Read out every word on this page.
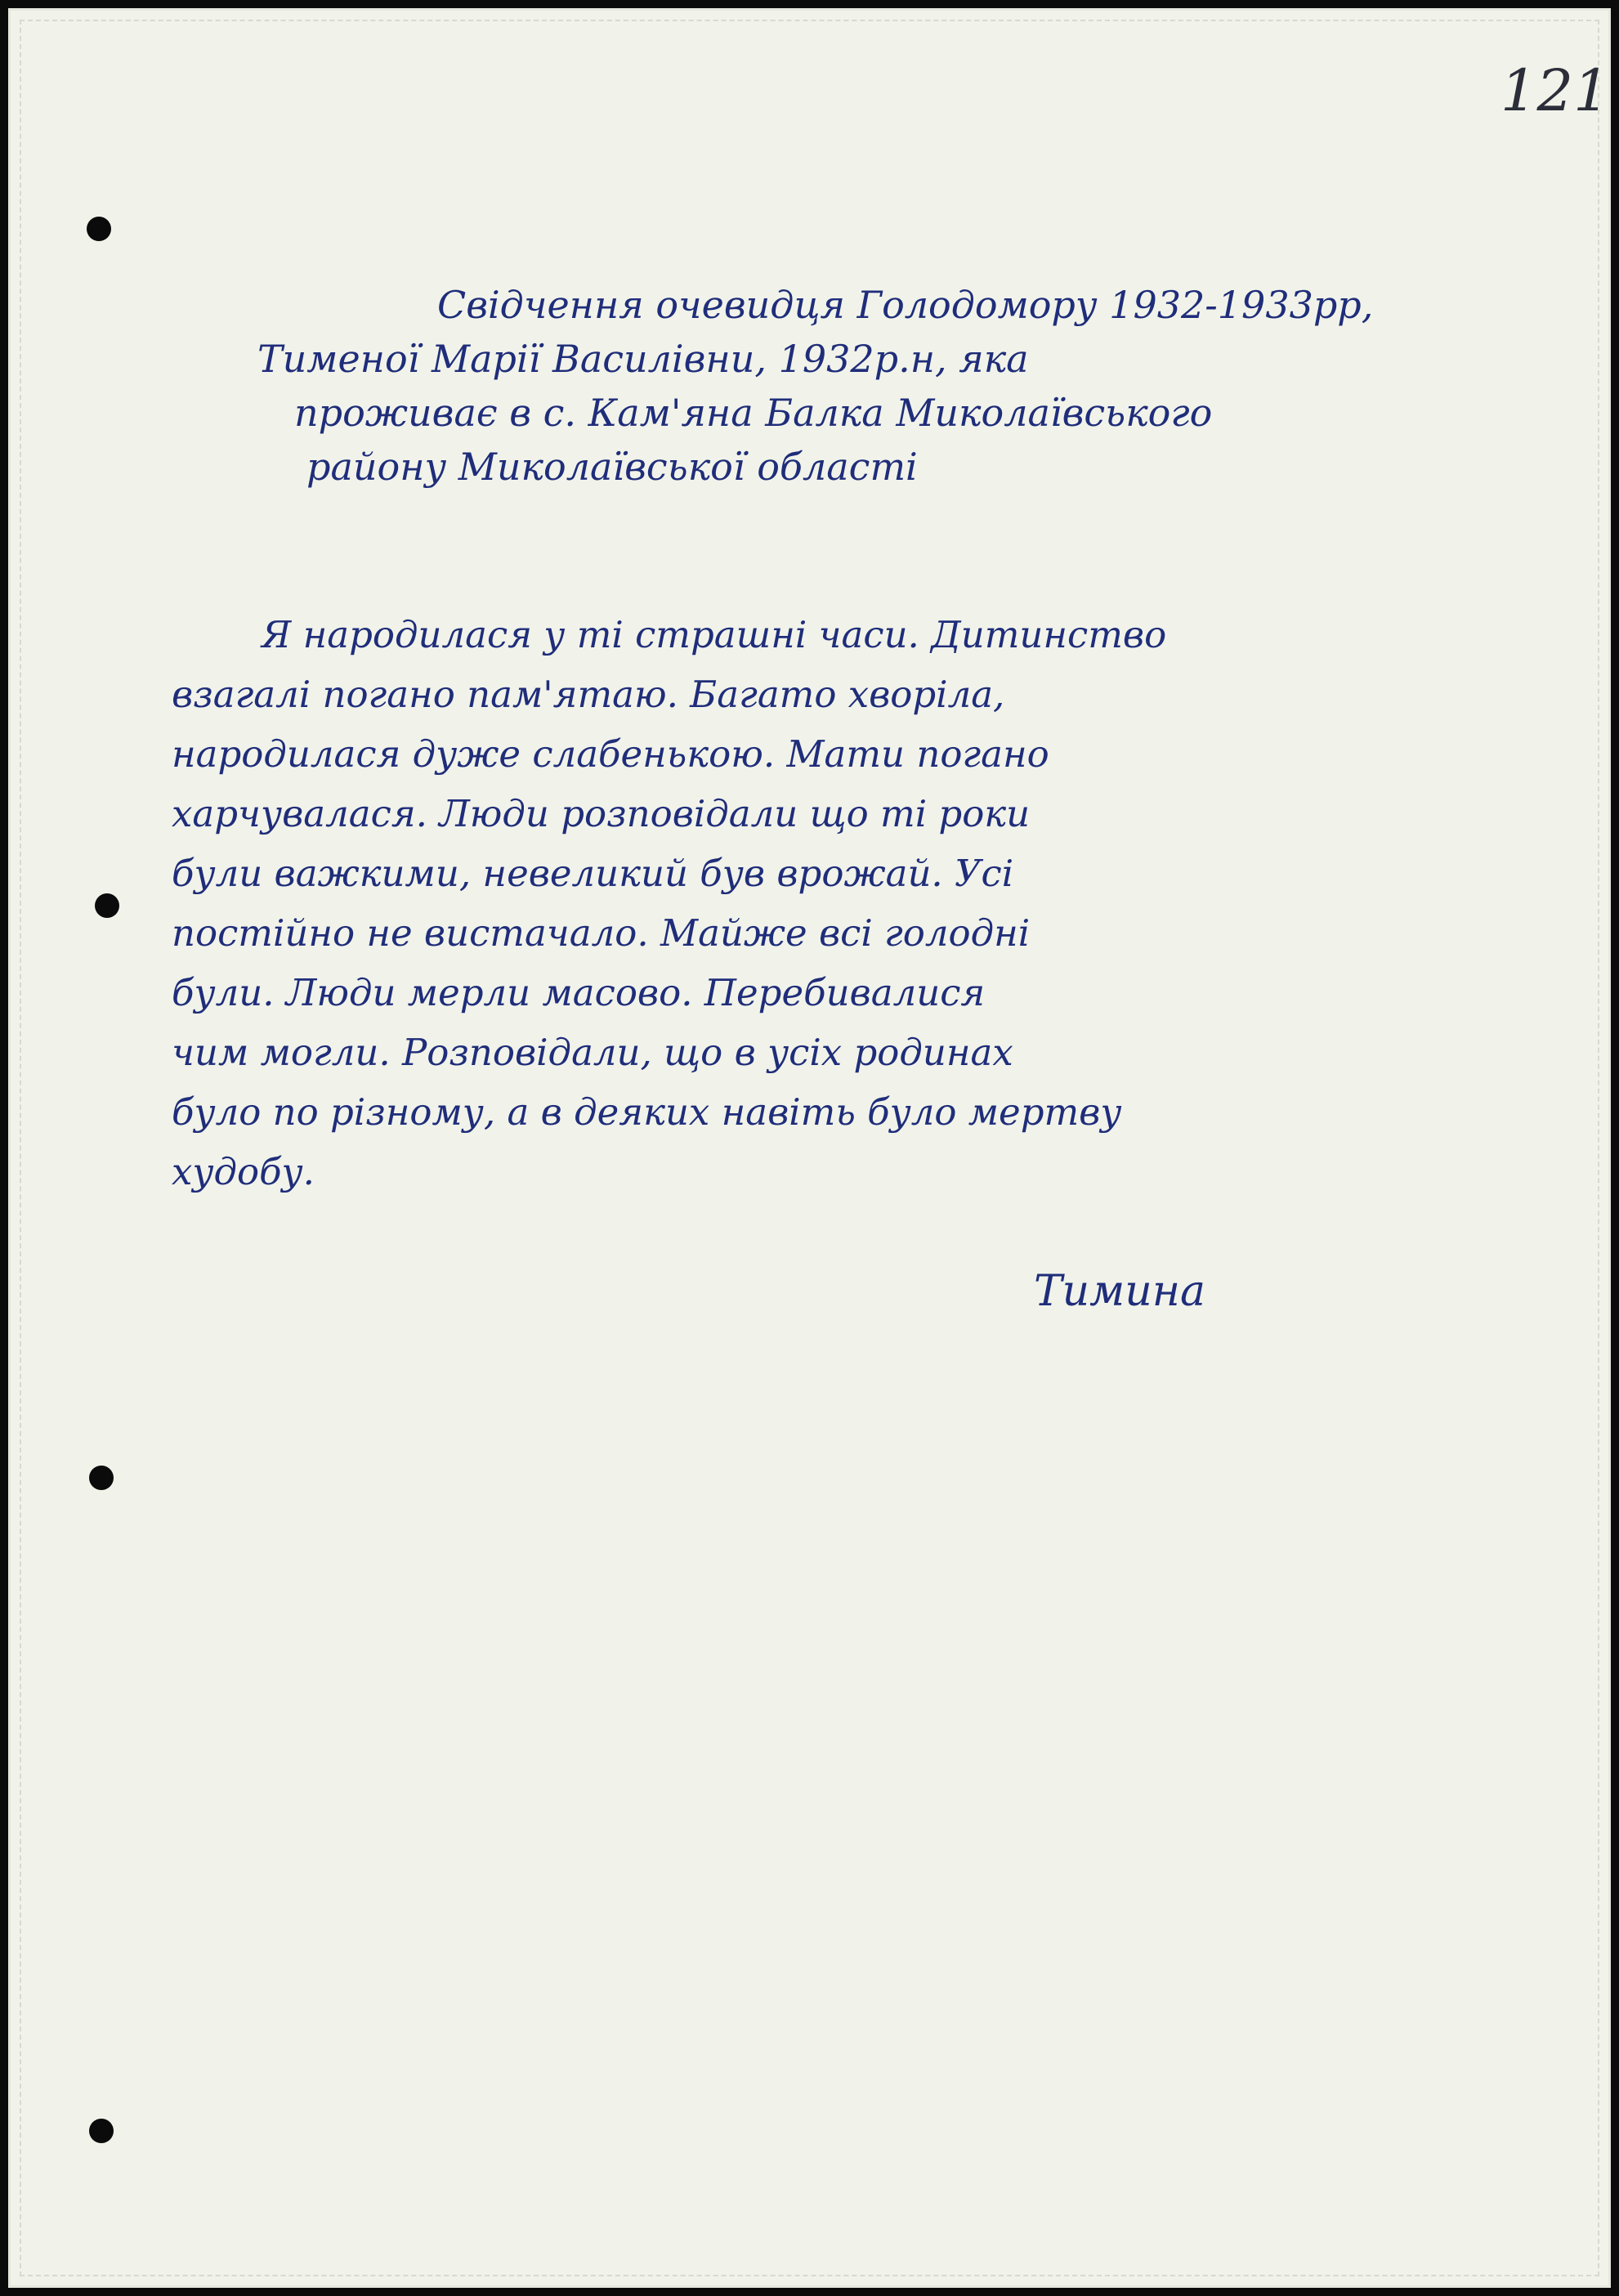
121
Свідчення очевидця Голодомору 1932-1933рр,
Тименої Марії Василівни, 1932р.н, яка
проживає в с. Кам'яна Балка Миколаївського
району Миколаївської області
Я народилася у ті страшні часи. Дитинство
взагалі погано пам'ятаю. Багато хворіла,
народилася дуже слабенькою. Мати погано
харчувалася. Люди розповідали що ті роки
були важкими, невеликий був врожай. Усі
постійно не вистачало. Майже всі голодні
були. Люди мерли масово. Перебивалися
чим могли. Розповідали, що в усіх родинах
було по різному, а в деяких навіть було мертву
худобу.
Тимина
